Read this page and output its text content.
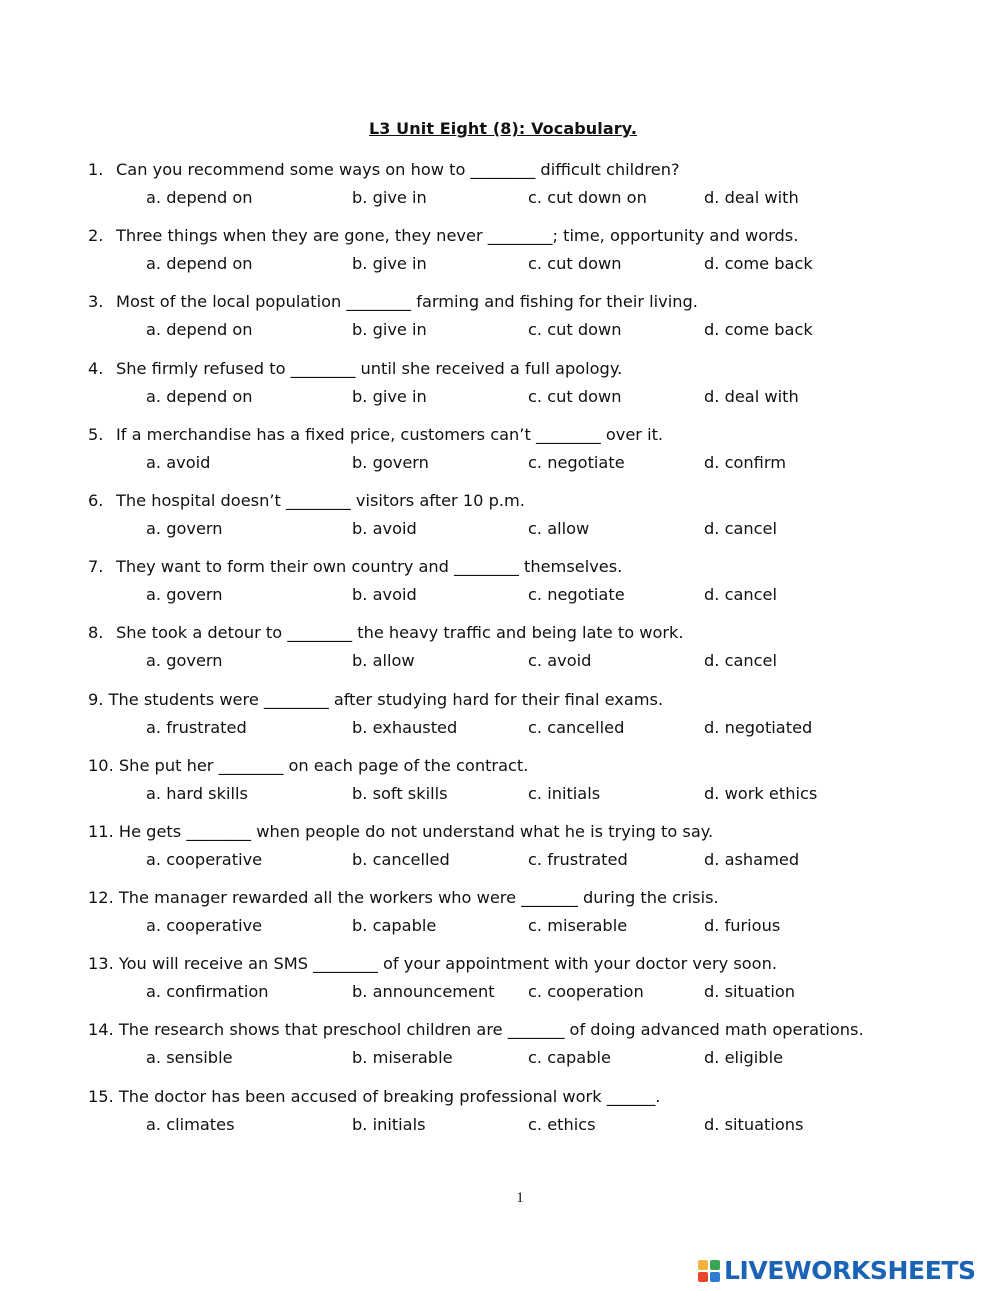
L3 Unit Eight (8): Vocabulary.
1. Can you recommend some ways on how to ________ difficult children?
a. depend on	b. give in	c. cut down on	d. deal with
2. Three things when they are gone, they never ________; time, opportunity and words.
a. depend on	b. give in	c. cut down	d. come back
3. Most of the local population ________ farming and fishing for their living.
a. depend on	b. give in	c. cut down	d. come back
4. She firmly refused to ________ until she received a full apology.
a. depend on	b. give in	c. cut down	d. deal with
5. If a merchandise has a fixed price, customers can’t ________ over it.
a. avoid	b. govern	c. negotiate	d. confirm
6. The hospital doesn’t ________ visitors after 10 p.m.
a. govern	b. avoid	c. allow	d. cancel
7. They want to form their own country and ________ themselves.
a. govern	b. avoid	c. negotiate	d. cancel
8. She took a detour to ________ the heavy traffic and being late to work.
a. govern	b. allow	c. avoid	d. cancel
9. The students were ________ after studying hard for their final exams.
a. frustrated	b. exhausted	c. cancelled	d. negotiated
10. She put her ________ on each page of the contract.
a. hard skills	b. soft skills	c. initials	d. work ethics
11. He gets ________ when people do not understand what he is trying to say.
a. cooperative	b. cancelled	c. frustrated	d. ashamed
12. The manager rewarded all the workers who were _______ during the crisis.
a. cooperative	b. capable	c. miserable	d. furious
13. You will receive an SMS ________ of your appointment with your doctor very soon.
a. confirmation	b. announcement c. cooperation	d. situation
14. The research shows that preschool children are _______ of doing advanced math operations.
a. sensible	b. miserable	c. capable	d. eligible
15. The doctor has been accused of breaking professional work ______.
a. climates	b. initials	c. ethics	d. situations
1
LIVEWORKSHEETS
